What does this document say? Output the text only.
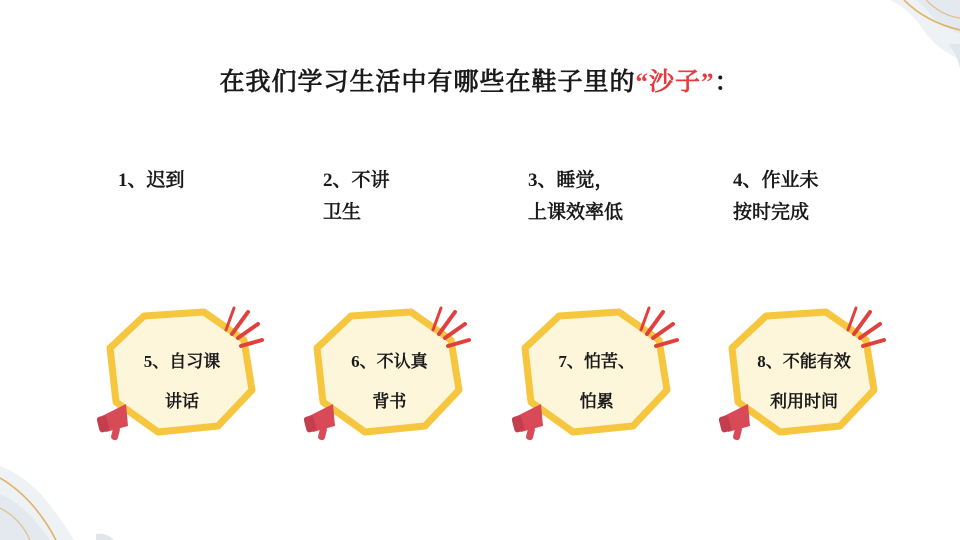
在我们学习生活中有哪些在鞋子里的“沙子”：
1、迟到	2、不讲
卫生
3、睡觉，
上课效率低
4、作业未
按时完成
5、自习课
讲话
6、不认真
背书
7、怕苦、
怕累
8、不能有效
利用时间
